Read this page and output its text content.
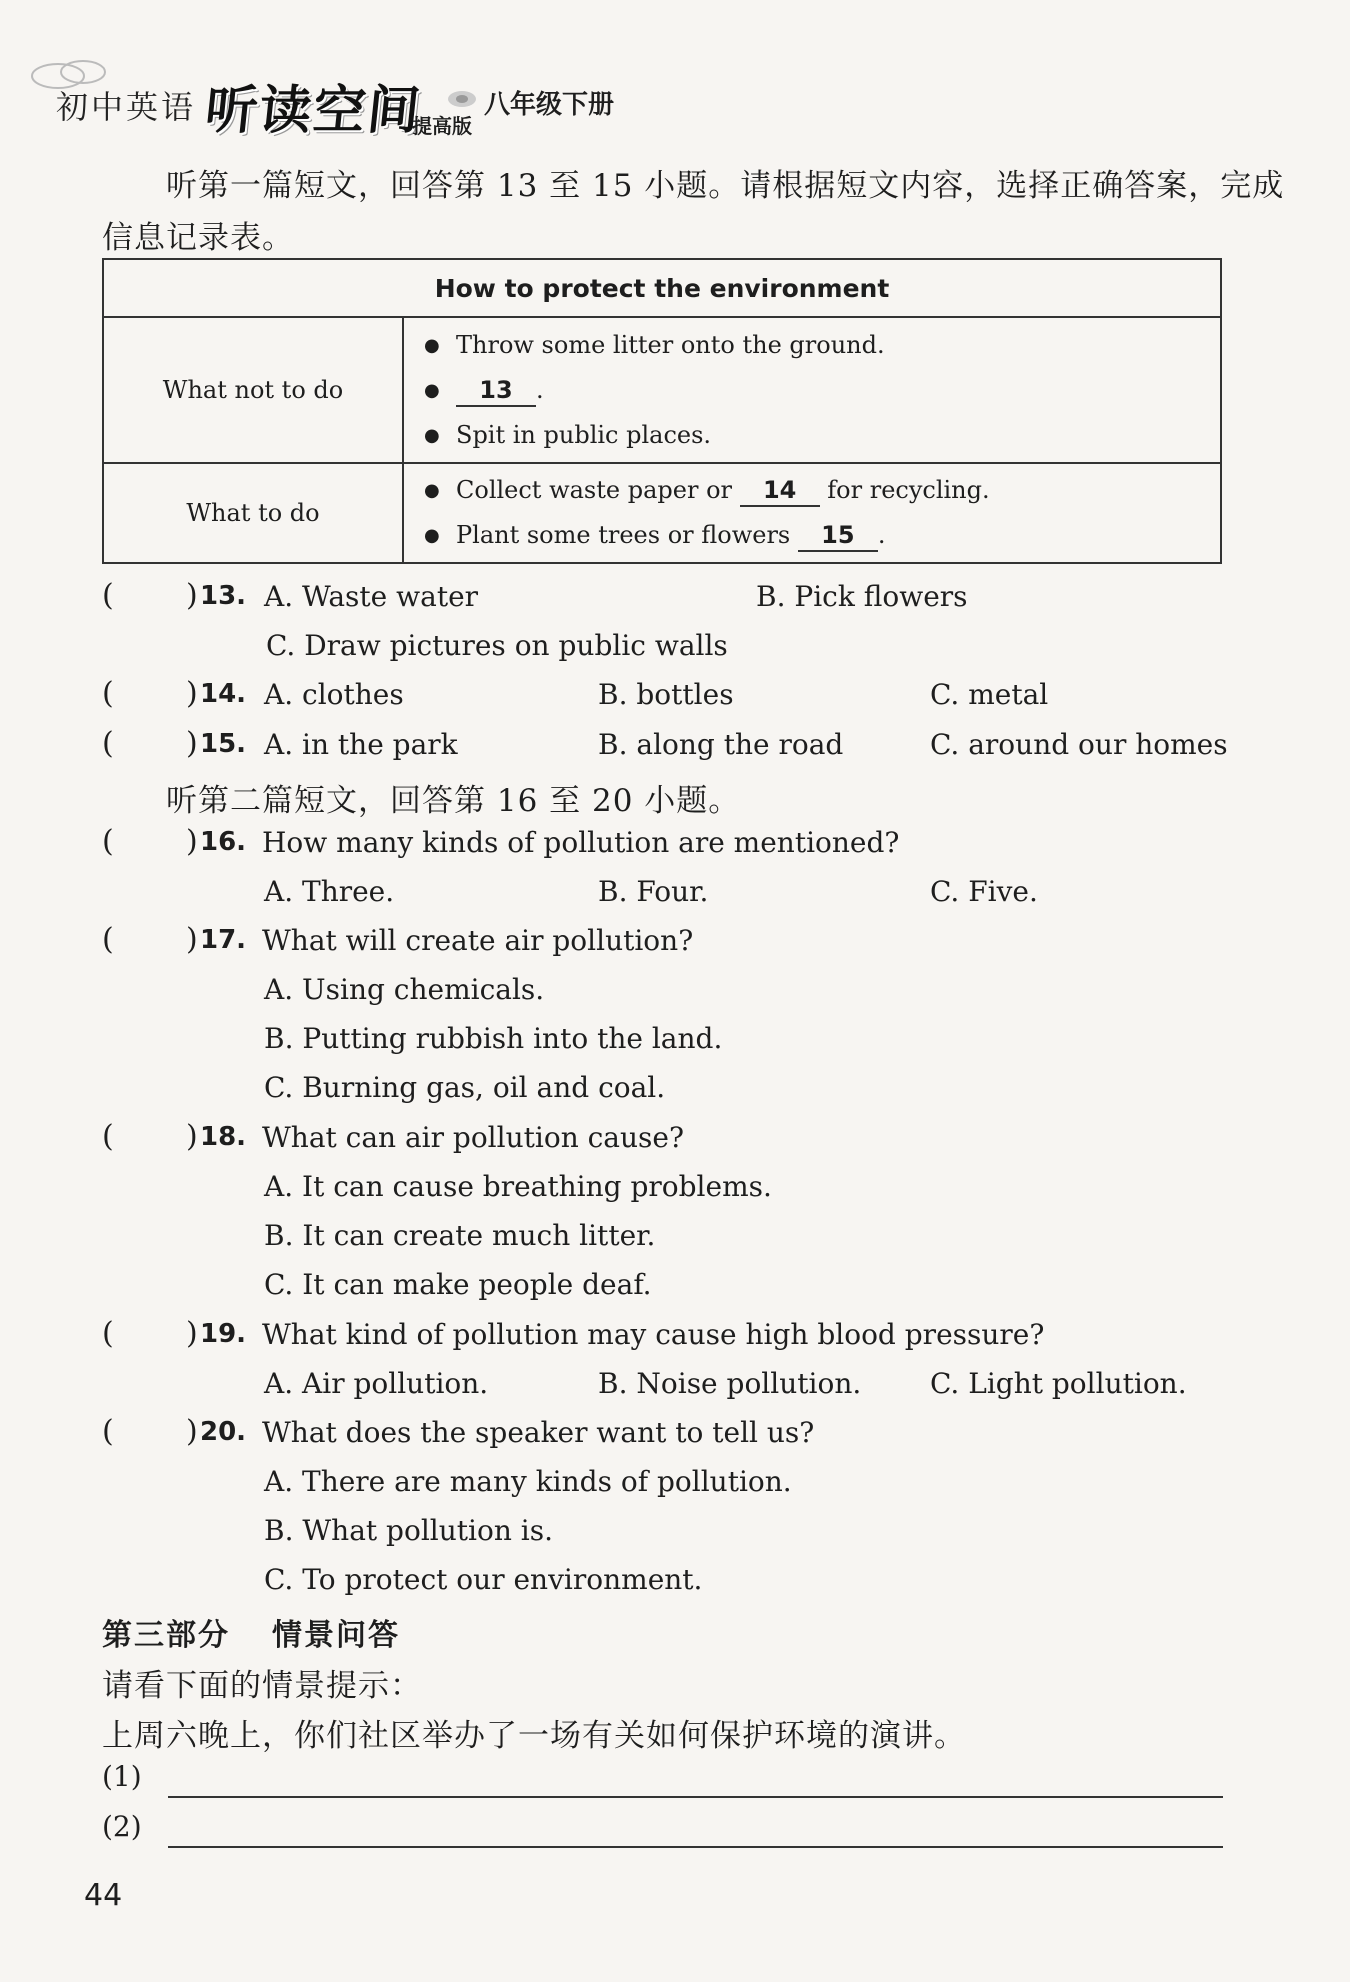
初中英语 听读空间
提高版
八年级下册
听第一篇短文，回答第 13 至 15 小题。请根据短文内容，选择正确答案，完成
信息记录表。
How to protect the environment	
What not to do	● Throw some litter onto the ground.
● 13 .
● Spit in public places.

What to do	● Collect waste paper or 14 for recycling.
● Plant some trees or flowers 15 .
( ) 13. A. Waste water	B. Pick flowers
C. Draw pictures on public walls
( ) 14. A. clothes	B. bottles	C. metal
( ) 15. A. in the park	B. along the road	C. around our homes
听第二篇短文，回答第 16 至 20 小题。
( ) 16. How many kinds of pollution are mentioned?
A. Three.	B. Four.	C. Five.
( ) 17. What will create air pollution?
A. Using chemicals.
B. Putting rubbish into the land.
C. Burning gas, oil and coal.
( ) 18. What can air pollution cause?
A. It can cause breathing problems.
B. It can create much litter.
C. It can make people deaf.
( ) 19. What kind of pollution may cause high blood pressure?
A. Air pollution.	B. Noise pollution. C. Light pollution.
( ) 20. What does the speaker want to tell us?
A. There are many kinds of pollution.
B. What pollution is.
C. To protect our environment.
第三部分 情景问答
请看下面的情景提示：
上周六晚上，你们社区举办了一场有关如何保护环境的演讲。
(1)
(2)
44
